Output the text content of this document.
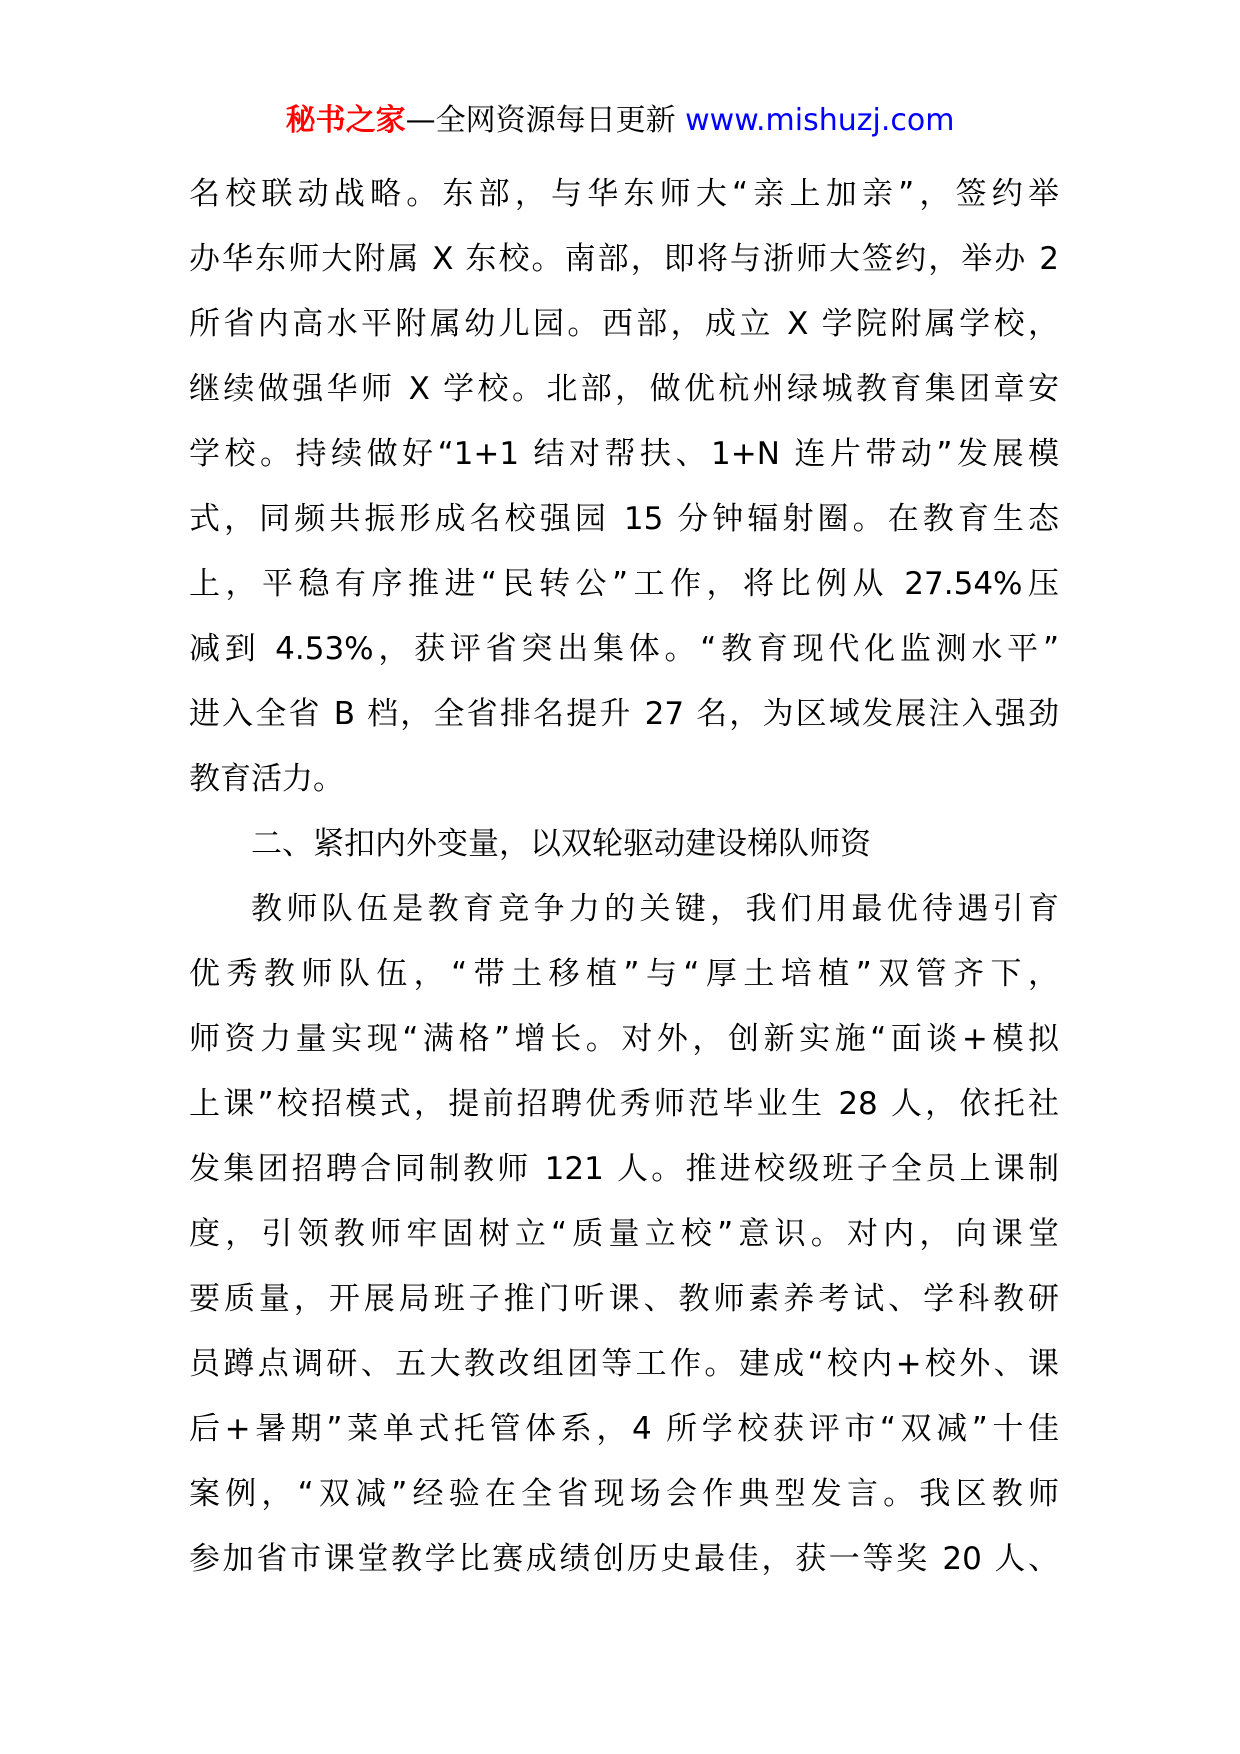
秘书之家—全网资源每日更新 www.mishuzj.com
名校联动战略。东部，与华东师大“亲上加亲”，签约举
办华东师大附属 X 东校。南部，即将与浙师大签约，举办 2
所省内高水平附属幼儿园。西部，成立 X 学院附属学校，
继续做强华师 X 学校。北部，做优杭州绿城教育集团章安
学校。持续做好“1+1 结对帮扶、1+N 连片带动”发展模
式，同频共振形成名校强园 15 分钟辐射圈。在教育生态
上，平稳有序推进“民转公”工作，将比例从 27.54%压
减到 4.53%，获评省突出集体。“教育现代化监测水平”
进入全省 B 档，全省排名提升 27 名，为区域发展注入强劲
教育活力。
二、紧扣内外变量，以双轮驱动建设梯队师资
教师队伍是教育竞争力的关键，我们用最优待遇引育
优秀教师队伍，“带土移植”与“厚土培植”双管齐下，
师资力量实现“满格”增长。对外，创新实施“面谈+模拟
上课”校招模式，提前招聘优秀师范毕业生 28 人，依托社
发集团招聘合同制教师 121 人。推进校级班子全员上课制
度，引领教师牢固树立“质量立校”意识。对内，向课堂
要质量，开展局班子推门听课、教师素养考试、学科教研
员蹲点调研、五大教改组团等工作。建成“校内+校外、课
后+暑期”菜单式托管体系，4 所学校获评市“双减”十佳
案例，“双减”经验在全省现场会作典型发言。我区教师
参加省市课堂教学比赛成绩创历史最佳，获一等奖 20 人、
